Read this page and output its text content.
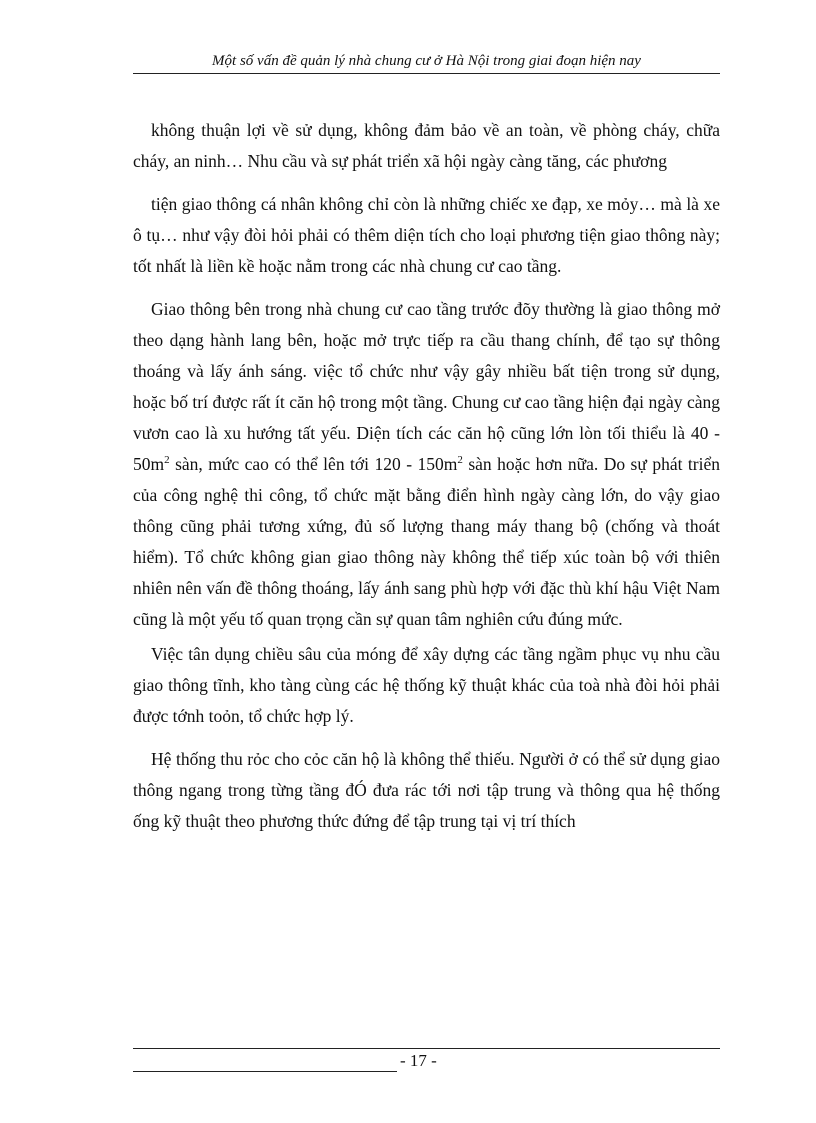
Một số vấn đề quản lý nhà chung cư ở Hà Nội trong giai đoạn hiện nay

không thuận lợi về sử dụng, không đảm bảo về an toàn, về phòng cháy, chữa cháy, an ninh… Nhu cầu và sự phát triển xã hội ngày càng tăng, các phương

tiện giao thông cá nhân không chỉ còn là những chiếc xe đạp, xe mỏy… mà là xe ô tụ… như vậy đòi hỏi phải có thêm diện tích cho loại phương tiện giao thông này; tốt nhất là liền kề hoặc nằm trong các nhà chung cư cao tầng.

Giao thông bên trong nhà chung cư cao tầng trước đõy thường là giao thông mở theo dạng hành lang bên, hoặc mở trực tiếp ra cầu thang chính, để tạo sự thông thoáng và lấy ánh sáng. việc tổ chức như vậy gây nhiều bất tiện trong sử dụng, hoặc bố trí được rất ít căn hộ trong một tầng. Chung cư cao tầng hiện đại ngày càng vươn cao là xu hướng tất yếu. Diện tích các căn hộ cũng lớn lòn tối thiểu là $40 - 50m^2$ sàn, mức cao có thể lên tới $120 - 150m^2$ sàn hoặc hơn nữa. Do sự phát triển của công nghệ thi công, tổ chức mặt bằng điển hình ngày càng lớn, do vậy giao thông cũng phải tương xứng, đủ số lượng thang máy thang bộ (chống và thoát hiểm). Tổ chức không gian giao thông này không thể tiếp xúc toàn bộ với thiên nhiên nên vấn đề thông thoáng, lấy ánh sang phù hợp với đặc thù khí hậu Việt Nam cũng là một yếu tố quan trọng cần sự quan tâm nghiên cứu đúng mức.

Việc tân dụng chiều sâu của móng để xây dựng các tầng ngầm phục vụ nhu cầu giao thông tĩnh, kho tàng cùng các hệ thống kỹ thuật khác của toà nhà đòi hỏi phải được tớnh toỏn, tổ chức hợp lý.

Hệ thống thu rỏc cho cỏc căn hộ là không thể thiếu. Người ở có thể sử dụng giao thông ngang trong từng tầng đÓ đưa rác tới nơi tập trung và thông qua hệ thống ống kỹ thuật theo phương thức đứng để tập trung tại vị trí thích

- 17 -
